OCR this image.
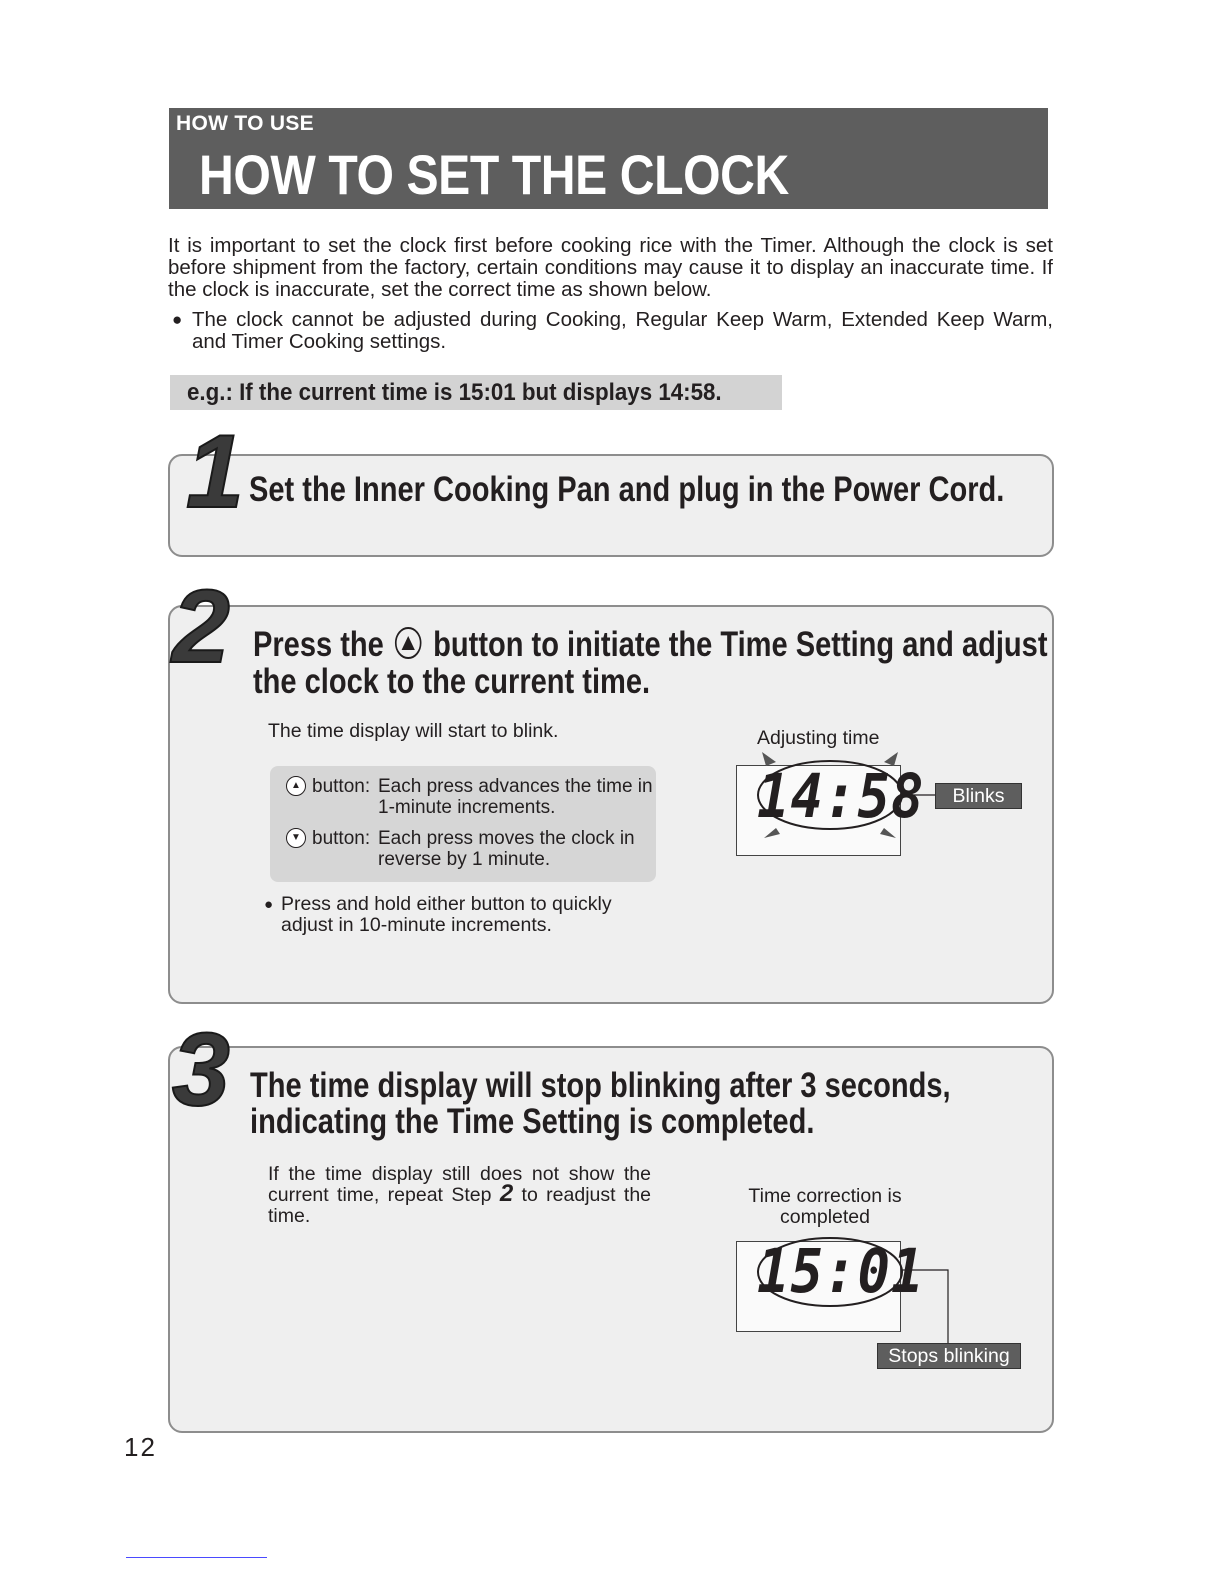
HOW TO USE
HOW TO SET THE CLOCK
It is important to set the clock first before cooking rice with the Timer. Although the clock is set before shipment from the factory, certain conditions may cause it to display an inaccurate time. If the clock is inaccurate, set the correct time as shown below.
● The clock cannot be adjusted during Cooking, Regular Keep Warm, Extended Keep Warm, and Timer Cooking settings.
e.g.: If the current time is 15:01 but displays 14:58.
1 Set the Inner Cooking Pan and plug in the Power Cord.
2 Press the button to initiate the Time Setting and adjust
the clock to the current time.
The time display will start to blink.
▲ button: Each press advances the time in 1-minute increments.
▼ button: Each press moves the clock in reverse by 1 minute.
● Press and hold either button to quickly adjust in 10-minute increments.
Adjusting time
14:58	Blinks
3 The time display will stop blinking after 3 seconds,
indicating the Time Setting is completed.
If the time display still does not show the current time, repeat Step 2 to readjust the time.
Time correction is
completed
15:01
Stops blinking
12
